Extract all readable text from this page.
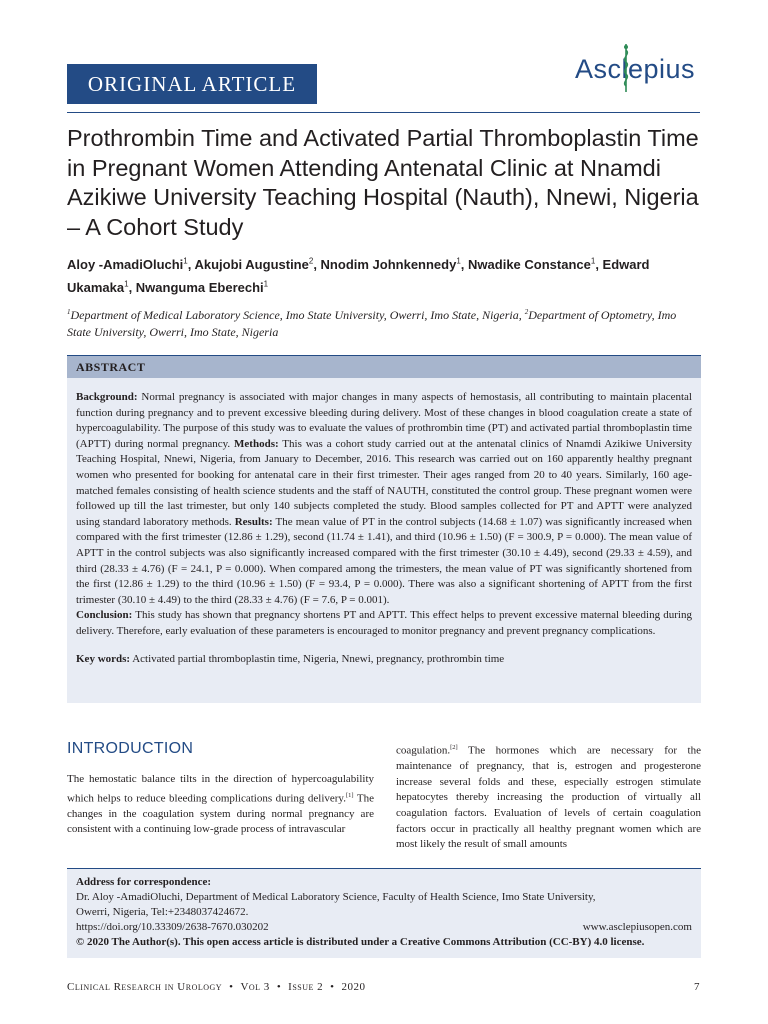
ORIGINAL ARTICLE	Asclepius
Prothrombin Time and Activated Partial Thromboplastin Time in Pregnant Women Attending Antenatal Clinic at Nnamdi Azikiwe University Teaching Hospital (Nauth), Nnewi, Nigeria – A Cohort Study
Aloy -AmadiOluchi$^1$, Akujobi Augustine$^2$, Nnodim Johnkennedy$^1$, Nwadike Constance$^1$, Edward Ukamaka$^1$, Nwanguma Eberechi$^1$
$^1$Department of Medical Laboratory Science, Imo State University, Owerri, Imo State, Nigeria, $^2$Department of Optometry, Imo State University, Owerri, Imo State, Nigeria
ABSTRACT

Background: Normal pregnancy is associated with major changes in many aspects of hemostasis, all contributing to maintain placental function during pregnancy and to prevent excessive bleeding during delivery. Most of these changes in blood coagulation create a state of hypercoagulability. The purpose of this study was to evaluate the values of prothrombin time (PT) and activated partial thromboplastin time (APTT) during normal pregnancy. Methods: This was a cohort study carried out at the antenatal clinics of Nnamdi Azikiwe University Teaching Hospital, Nnewi, Nigeria, from January to December, 2016. This research was carried out on 160 apparently healthy pregnant women who presented for booking for antenatal care in their first trimester. Their ages ranged from 20 to 40 years. Similarly, 160 age-matched females consisting of health science students and the staff of NAUTH, constituted the control group. These pregnant women were followed up till the last trimester, but only 140 subjects completed the study. Blood samples collected for PT and APTT were analyzed using standard laboratory methods. Results: The mean value of PT in the control subjects (14.68 ± 1.07) was significantly increased when compared with the first trimester (12.86 ± 1.29), second (11.74 ± 1.41), and third (10.96 ± 1.50) (F = 300.9, P = 0.000). The mean value of APTT in the control subjects was also significantly increased compared with the first trimester (30.10 ± 4.49), second (29.33 ± 4.59), and third (28.33 ± 4.76) (F = 24.1, P = 0.000). When compared among the trimesters, the mean value of PT was significantly shortened from the first (12.86 ± 1.29) to the third (10.96 ± 1.50) (F = 93.4, P = 0.000). There was also a significant shortening of APTT from the first trimester (30.10 ± 4.49) to the third (28.33 ± 4.76) (F = 7.6, P = 0.001).
Conclusion: This study has shown that pregnancy shortens PT and APTT. This effect helps to prevent excessive maternal bleeding during delivery. Therefore, early evaluation of these parameters is encouraged to monitor pregnancy and prevent pregnancy complications.

Key words: Activated partial thromboplastin time, Nigeria, Nnewi, pregnancy, prothrombin time

INTRODUCTION

The hemostatic balance tilts in the direction of hypercoagulability which helps to reduce bleeding complications during delivery.[1] The changes in the coagulation system during normal pregnancy are consistent with a continuing low-grade process of intravascular

coagulation.[2] The hormones which are necessary for the maintenance of pregnancy, that is, estrogen and progesterone increase several folds and these, especially estrogen stimulate hepatocytes thereby increasing the production of virtually all coagulation factors. Evaluation of levels of certain coagulation factors occur in practically all healthy pregnant women which are most likely the result of small amounts

Address for correspondence:
Dr. Aloy -AmadiOluchi, Department of Medical Laboratory Science, Faculty of Health Science, Imo State University,
Owerri, Nigeria, Tel:+2348037424672.
https://doi.org/10.33309/2638-7670.030202	www.asclepiusopen.com
© 2020 The Author(s). This open access article is distributed under a Creative Commons Attribution (CC-BY) 4.0 license.
Clinical Research in Urology • Vol 3 • Issue 2 • 2020	7
